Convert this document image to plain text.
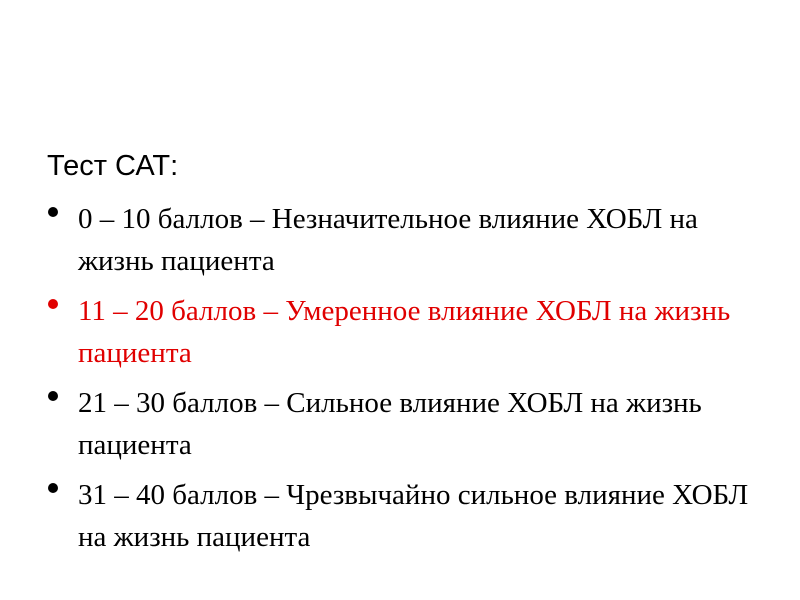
Тест САТ:
0 – 10 баллов – Незначительное влияние ХОБЛ на жизнь пациента
11 – 20 баллов – Умеренное влияние ХОБЛ на жизнь пациента
21 – 30 баллов – Сильное влияние ХОБЛ на жизнь пациента
31 – 40 баллов – Чрезвычайно сильное влияние ХОБЛ на жизнь пациента
